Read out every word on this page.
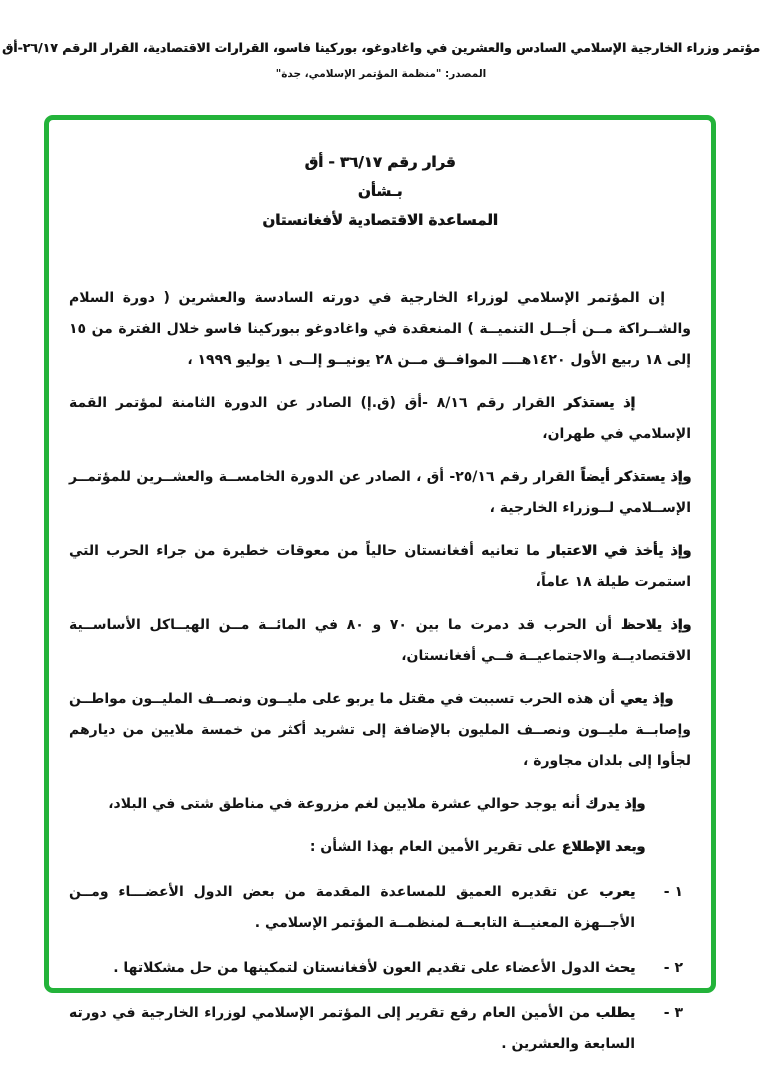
مؤتمر وزراء الخارجية الإسلامي السادس والعشرين في واغادوغو، بوركينا فاسو، القرارات الاقتصادية، القرار الرقم ٢٦/١٧-أق
المصدر: "منظمة المؤتمر الإسلامي، جدة"
قرار رقم ٣٦/١٧ - أق
بـشأن
المساعدة الاقتصادية لأفغانستان

إن المؤتمر الإسلامي لوزراء الخارجية في دورته السادسة والعشرين ( دورة السلام والشــراكة مــن أجــل التنميــة ) المنعقدة في واغادوغو ببوركينا فاسو خلال الفترة من ١٥ إلى ١٨ ربيع الأول ١٤٢٠هــــ الموافــق مــن ٢٨ يونيــو إلــى ١ يوليو ١٩٩٩ ،

إذ يستذكر القرار رقم ٨/١٦ -أق (ق.إ) الصادر عن الدورة الثامنة لمؤتمر القمة الإسلامي في طهران،

وإذ يستذكر أيضاً القرار رقم ٢٥/١٦- أق ، الصادر عن الدورة الخامســة والعشــرين للمؤتمــر الإســلامي لــوزراء الخارجية ،

وإذ يأخذ في الاعتبار ما تعانيه أفغانستان حالياً من معوقات خطيرة من جراء الحرب التي استمرت طيلة ١٨ عاماً،

وإذ يلاحظ أن الحرب قد دمرت ما بين ٧٠ و ٨٠ في المائــة مــن الهيــاكل الأساســية الاقتصاديــة والاجتماعيــة فــي أفغانستان،

وإذ يعي أن هذه الحرب تسببت في مقتل ما يربو على مليــون ونصــف المليــون مواطــن وإصابــة مليــون ونصــف المليون بالإضافة إلى تشريد أكثر من خمسة ملايين من ديارهم لجأوا إلى بلدان مجاورة ،

وإذ يدرك أنه يوجد حوالي عشرة ملايين لغم مزروعة في مناطق شتى في البلاد،

وبعد الإطلاع على تقرير الأمين العام بهذا الشأن :

١ -

يعرب عن تقديره العميق للمساعدة المقدمة من بعض الدول الأعضـــاء ومــن الأجــهزة المعنيــة التابعــة لمنظمــة المؤتمر الإسلامي .

٢ -

يحث الدول الأعضاء على تقديم العون لأفغانستان لتمكينها من حل مشكلاتها .

٣ -

يطلب من الأمين العام رفع تقرير إلى المؤتمر الإسلامي لوزراء الخارجية في دورته السابعة والعشرين .
